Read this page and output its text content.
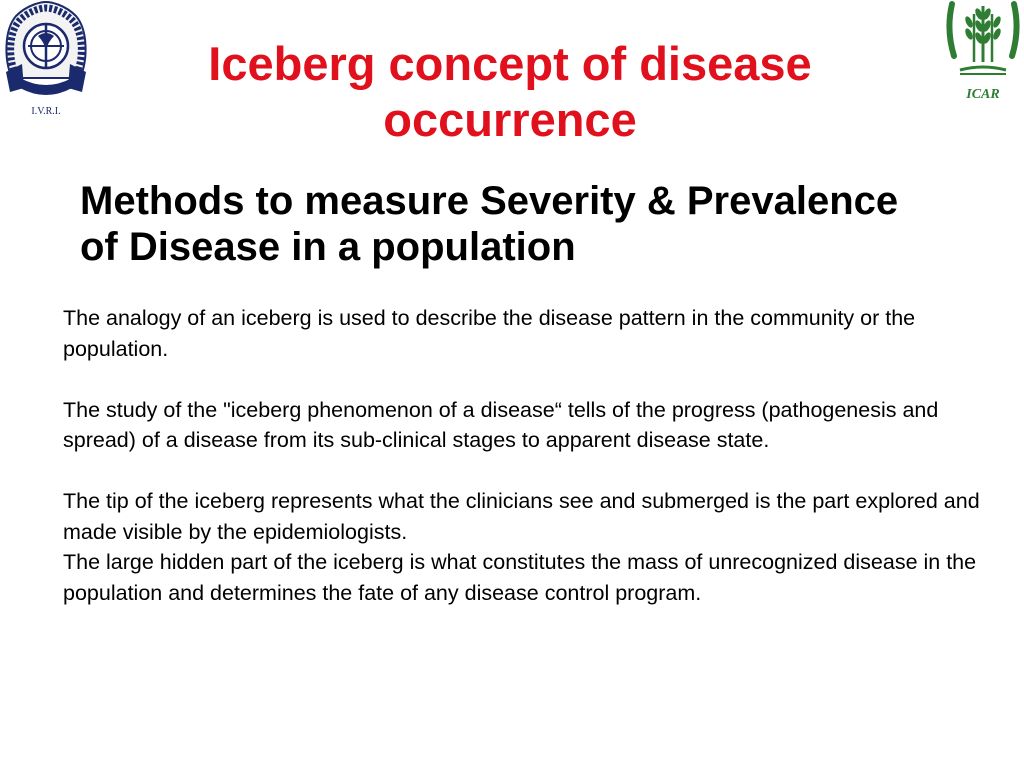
I.V.R.I.
ICAR
Iceberg concept of disease
occurrence
Methods to measure Severity & Prevalence
of Disease in a population

The analogy of an iceberg is used to describe the disease pattern in the community or the population.

The study of the "iceberg phenomenon of a disease“ tells of the progress (pathogenesis and spread) of a disease from its sub-clinical stages to apparent disease state.

The tip of the iceberg represents what the clinicians see and submerged is the part explored and made visible by the epidemiologists.

The large hidden part of the iceberg is what constitutes the mass of unrecognized disease in the population and determines the fate of any disease control program.
